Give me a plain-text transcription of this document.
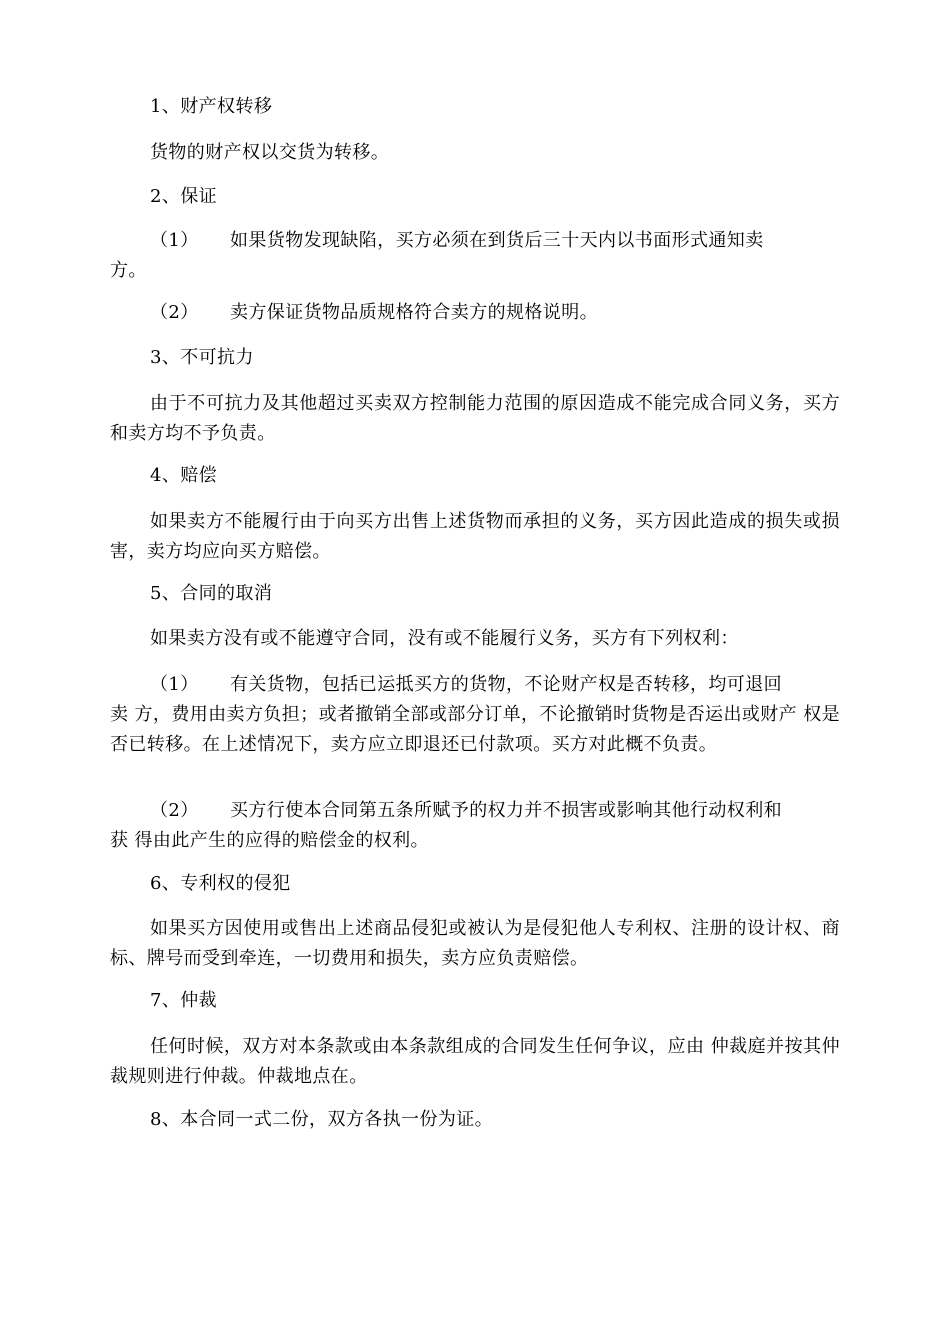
1、财产权转移
货物的财产权以交货为转移。
2、保证
（1） 如果货物发现缺陷，买方必须在到货后三十天内以书面形式通知卖
方。
（2） 卖方保证货物品质规格符合卖方的规格说明。
3、不可抗力
由于不可抗力及其他超过买卖双方控制能力范围的原因造成不能完成合同义务，买方和卖方均不予负责。
4、赔偿
如果卖方不能履行由于向买方出售上述货物而承担的义务，买方因此造成的损失或损害，卖方均应向买方赔偿。
5、合同的取消
如果卖方没有或不能遵守合同，没有或不能履行义务，买方有下列权利：
（1） 有关货物，包括已运抵买方的货物，不论财产权是否转移，均可退回
卖 方，费用由卖方负担；或者撤销全部或部分订单，不论撤销时货物是否运出或财产 权是否已转移。在上述情况下，卖方应立即退还已付款项。买方对此概不负责。
（2） 买方行使本合同第五条所赋予的权力并不损害或影响其他行动权利和
获 得由此产生的应得的赔偿金的权利。
6、专利权的侵犯
如果买方因使用或售出上述商品侵犯或被认为是侵犯他人专利权、注册的设计权、商标、牌号而受到牵连，一切费用和损失，卖方应负责赔偿。
7、仲裁
任何时候，双方对本条款或由本条款组成的合同发生任何争议，应由 仲裁庭并按其仲裁规则进行仲裁。仲裁地点在。
8、本合同一式二份，双方各执一份为证。
